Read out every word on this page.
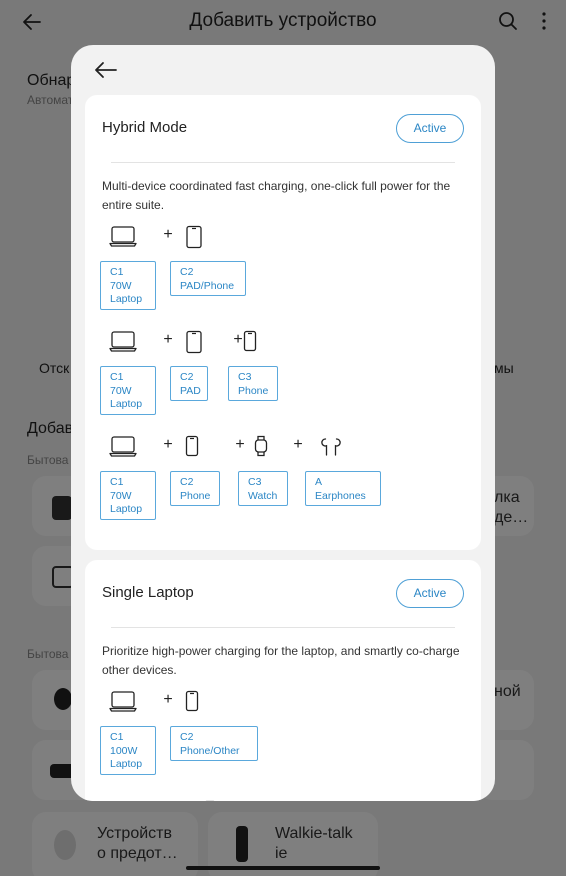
Hybrid Mode	Active
Multi-device coordinated fast charging, one-click full power for the entire suite.
C1
70W
Laptop
C2
PAD/Phone
+
C1
70W
Laptop
C2
PAD
C3
Phone
+	+
C1
70W
Laptop
C2
Phone
C3
Watch
A
Earphones
+	+	+
Single Laptop	Active
Prioritize high-power charging for the laptop, and smartly co-charge other devices.
C1
100W
Laptop
C2
Phone/Other
+
